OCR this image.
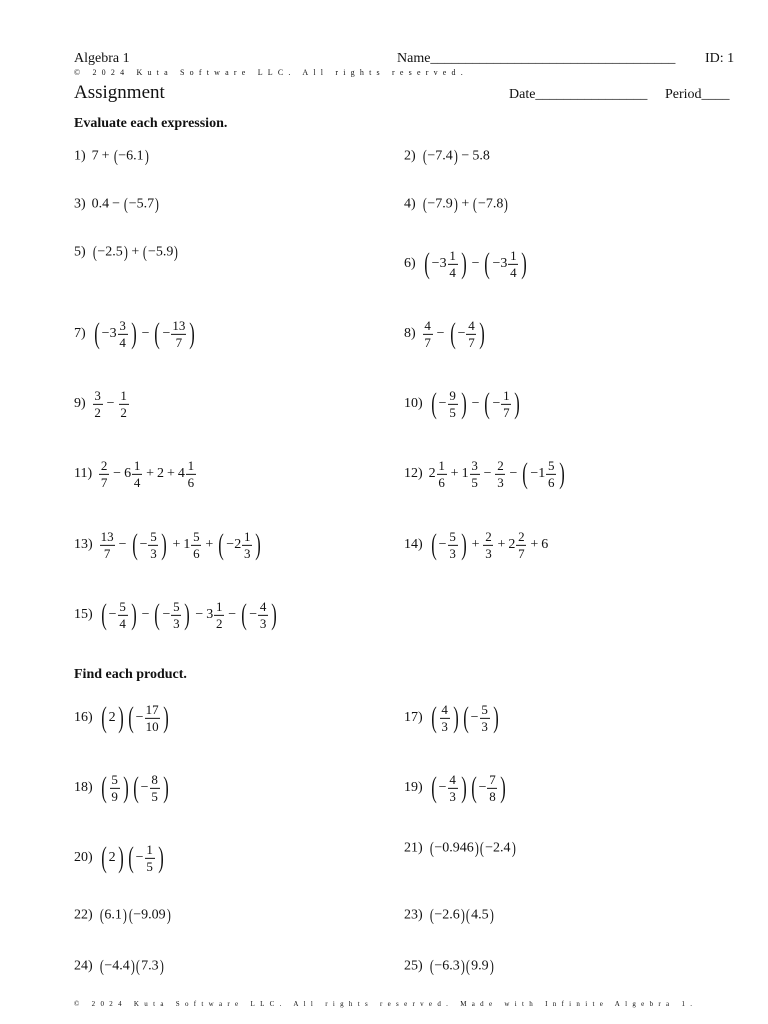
Algebra 1	Name___________________________________ ID: 1
© 2024 Kuta Software LLC. All rights reserved.
Assignment	Date________________ Period____
Evaluate each expression.
Find each product.
1) 7 + ( −6.1 )	2) ( −7.4 ) − 5.8
3) 0.4 − ( −5.7 )	4) ( −7.9 ) + ( −7.8 )
5) ( −2.5 ) + ( −5.9 )
6) ( $-3 \frac{1}{4}$ ) − ( $-3 \frac{1}{4}$ )
7) ( $-3 \frac{3}{4}$ ) − ( − $\frac{13}{7}$ )	$8) \frac{4}{7}$ − ( − $\frac{4}{7}$ )
$9) \frac{3}{2} - \frac{1}{2}$	10) ( − $\frac{9}{5}$ ) − ( − $\frac{1}{7}$ )
$11) \frac{2}{7} - 6 \frac{1}{4} + 2 + 4 \frac{1}{6}$	12) $2 \frac{1}{6} + 1 \frac{3}{5} - \frac{2}{3}$ − ( $-1 \frac{5}{6}$ )
$13) \frac{13}{7}$ − ( − $\frac{5}{3}$ ) + $1 \frac{5}{6}$ + ( $-2 \frac{1}{3}$ )	14) ( − $\frac{5}{3}$ ) + $\frac{2}{3} + 2 \frac{2}{7} + 6$
15) ( − $\frac{5}{4}$ ) − ( − $\frac{5}{3}$ ) − $3 \frac{1}{2}$ − ( − $\frac{4}{3}$ )
16) ( 2 ) ( − $\frac{17}{10}$ )	17) ( $\frac{4}{3}$ ) ( − $\frac{5}{3}$ )
18) ( $\frac{5}{9}$ ) ( − $\frac{8}{5}$ )	19) ( − $\frac{4}{3}$ ) ( − $\frac{7}{8}$ )
20) ( 2 ) ( − $\frac{1}{5}$ )	21) ( −0.946 ) ( −2.4 )
22) ( 6.1 ) ( −9.09 )	23) ( −2.6 ) ( 4.5 )
24) ( −4.4 ) ( 7.3 )	25) ( −6.3 ) ( 9.9 )
© 2024 Kuta Software LLC. All rights reserved. Made with Infinite Algebra 1.
